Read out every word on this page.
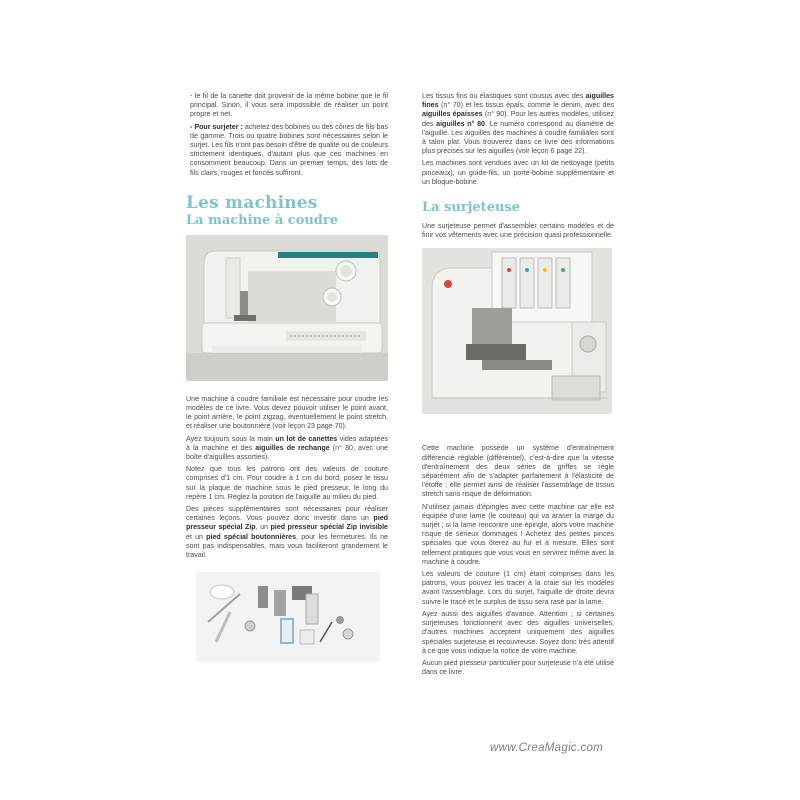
- le fil de la canette doit provenir de la même bobine que le fil principal. Sinon, il vous sera impossible de réaliser un point propre et net.

- Pour surjeter : achetez des bobines ou des cônes de fils bas de gamme. Trois ou quatre bobines sont nécessaires selon le surjet. Les fils n'ont pas besoin d'être de qualité ou de couleurs strictement identiques, d'autant plus que ces machines en consomment beaucoup. Dans un premier temps, des lots de fils clairs, rouges et foncés suffiront.

Les machines
La machine à coudre

Une machine à coudre familiale est nécessaire pour coudre les modèles de ce livre. Vous devez pouvoir utiliser le point avant, le point arrière, le point zigzag, éventuellement le point stretch, et réaliser une boutonnière (voir leçon 23 page 70).

Ayez toujours sous la main un lot de canettes vides adaptées à la machine et des aiguilles de rechange (n° 80, avec une boîte d'aiguilles assorties).

Notez que tous les patrons ont des valeurs de couture comprises d'1 cm. Pour coudre à 1 cm du bord, posez le tissu sur la plaque de machine sous le pied presseur, le long du repère 1 cm. Réglez la position de l'aiguille au milieu du pied.

Des pièces supplémentaires sont nécessaires pour réaliser certaines leçons. Vous pouvez donc investir dans un pied presseur spécial Zip, un pied presseur spécial Zip invisible et un pied spécial boutonnières, pour les fermetures. Ils ne sont pas indispensables, mais vous faciliteront grandement le travail.

Les tissus fins ou élastiques sont cousus avec des aiguilles fines (n° 70) et les tissus épais, comme le denim, avec des aiguilles épaisses (n° 90). Pour les autres modèles, utilisez des aiguilles n° 80. Le numéro correspond au diamètre de l'aiguille. Les aiguilles des machines à coudre familiales sont à talon plat. Vous trouverez dans ce livre des informations plus précises sur les aiguilles (voir leçon 6 page 22).

Les machines sont vendues avec un kit de nettoyage (petits pinceaux), un guide-fils, un porte-bobine supplémentaire et un bloque-bobine.

La surjeteuse

Une surjeteuse permet d'assembler certains modèles et de finir vos vêtements avec une précision quasi professionnelle.

Cette machine possède un système d'entraînement différencié réglable (différentiel), c'est-à-dire que la vitesse d'entraînement des deux séries de griffes se règle séparément afin de s'adapter parfaitement à l'élasticité de l'étoffe ; elle permet ainsi de réaliser l'assemblage de tissus stretch sans risque de déformation.

N'utilisez jamais d'épingles avec cette machine car elle est équipée d'une lame (le couteau) qui va araser la marge du surjet ; si la lame rencontre une épingle, alors votre machine risque de sérieux dommages ! Achetez des petites pinces spéciales que vous ôterez au fur et à mesure. Elles sont tellement pratiques que vous vous en servirez même avec la machine à coudre.

Les valeurs de couture (1 cm) étant comprises dans les patrons, vous pouvez les tracer à la craie sur les modèles avant l'assemblage. Lors du surjet, l'aiguille de droite devra suivre le tracé et le surplus de tissu sera rasé par la lame.

Ayez aussi des aiguilles d'avance. Attention ; si certaines surjeteuses fonctionnent avec des aiguilles universelles, d'autres machines acceptent uniquement des aiguilles spéciales surjeteuse et recouvreuse. Soyez donc très attentif à ce que vous indique la notice de votre machine.

Aucun pied presseur particulier pour surjeteuse n'a été utilisé dans ce livre.

www.CreaMagic.com
